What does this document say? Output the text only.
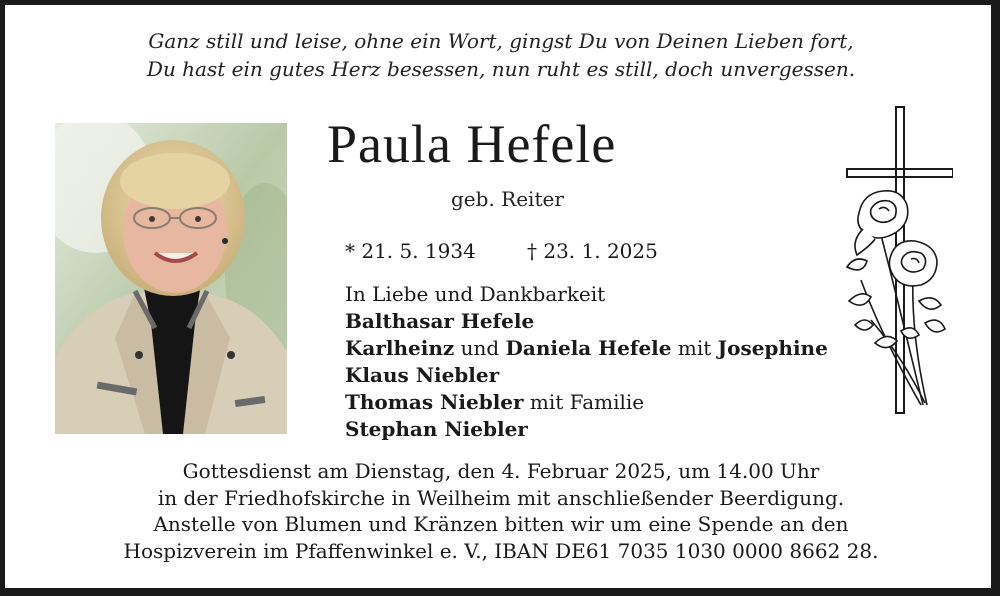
Ganz still und leise, ohne ein Wort, gingst Du von Deinen Lieben fort,
Du hast ein gutes Herz besessen, nun ruht es still, doch unvergessen.
Paula Hefele
geb. Reiter
* 21. 5. 1934	† 23. 1. 2025
In Liebe und Dankbarkeit
Balthasar Hefele
Karlheinz und Daniela Hefele mit Josephine
Klaus Niebler
Thomas Niebler mit Familie
Stephan Niebler
Gottesdienst am Dienstag, den 4. Februar 2025, um 14.00 Uhr
in der Friedhofskirche in Weilheim mit anschließender Beerdigung.
Anstelle von Blumen und Kränzen bitten wir um eine Spende an den
Hospizverein im Pfaffenwinkel e. V., IBAN DE61 7035 1030 0000 8662 28.
